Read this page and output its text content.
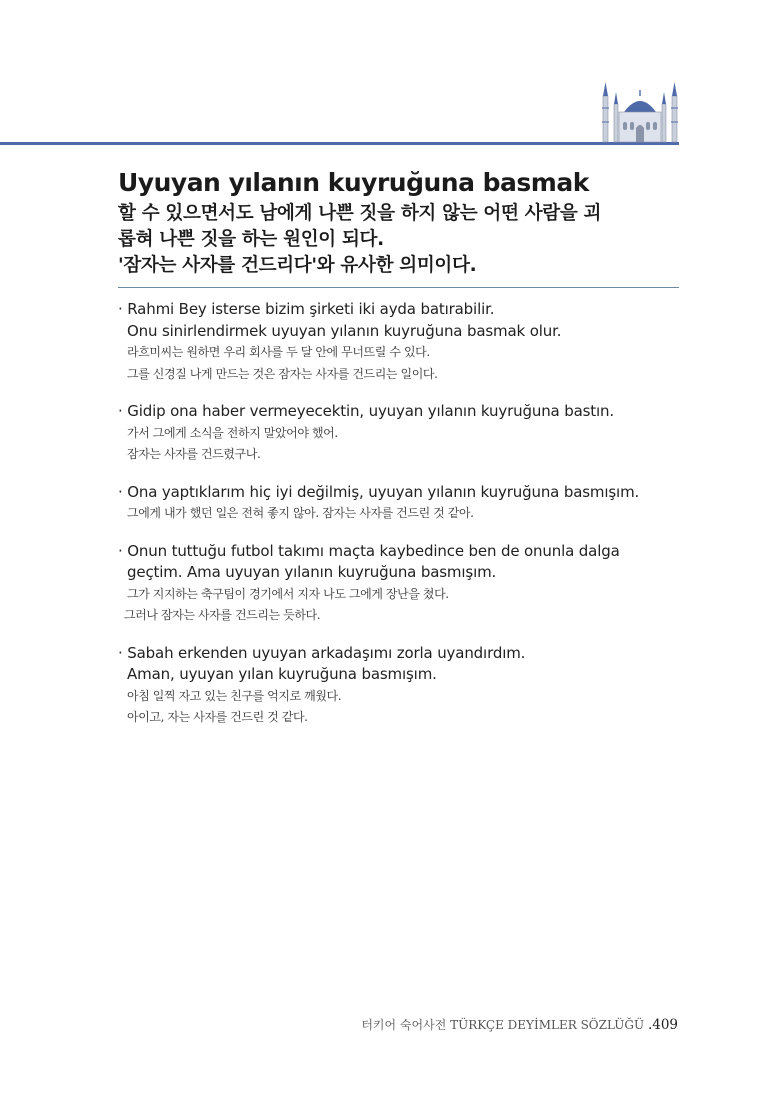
Uyuyan yılanın kuyruğuna basmak
할 수 있으면서도 남에게 나쁜 짓을 하지 않는 어떤 사람을 괴
롭혀 나쁜 짓을 하는 원인이 되다.
'잠자는 사자를 건드리다'와 유사한 의미이다.
· Rahmi Bey isterse bizim şirketi iki ayda batırabilir.
Onu sinirlendirmek uyuyan yılanın kuyruğuna basmak olur.
라흐미씨는 원하면 우리 회사를 두 달 안에 무너뜨릴 수 있다.
그를 신경질 나게 만드는 것은 잠자는 사자를 건드리는 일이다.
· Gidip ona haber vermeyecektin, uyuyan yılanın kuyruğuna bastın.
가서 그에게 소식을 전하지 말았어야 했어.
잠자는 사자를 건드렸구나.
· Ona yaptıklarım hiç iyi değilmiş, uyuyan yılanın kuyruğuna basmışım.
그에게 내가 했던 일은 전혀 좋지 않아. 잠자는 사자를 건드린 것 같아.
· Onun tuttuğu futbol takımı maçta kaybedince ben de onunla dalga
geçtim. Ama uyuyan yılanın kuyruğuna basmışım.
그가 지지하는 축구팀이 경기에서 지자 나도 그에게 장난을 쳤다.
그러나 잠자는 사자를 건드리는 듯하다.
· Sabah erkenden uyuyan arkadaşımı zorla uyandırdım.
Aman, uyuyan yılan kuyruğuna basmışım.
아침 일찍 자고 있는 친구를 억지로 깨웠다.
아이고, 자는 사자를 건드린 것 같다.
터키어 숙어사전 TÜRKÇE DEYİMLER SÖZLÜĞÜ .409
